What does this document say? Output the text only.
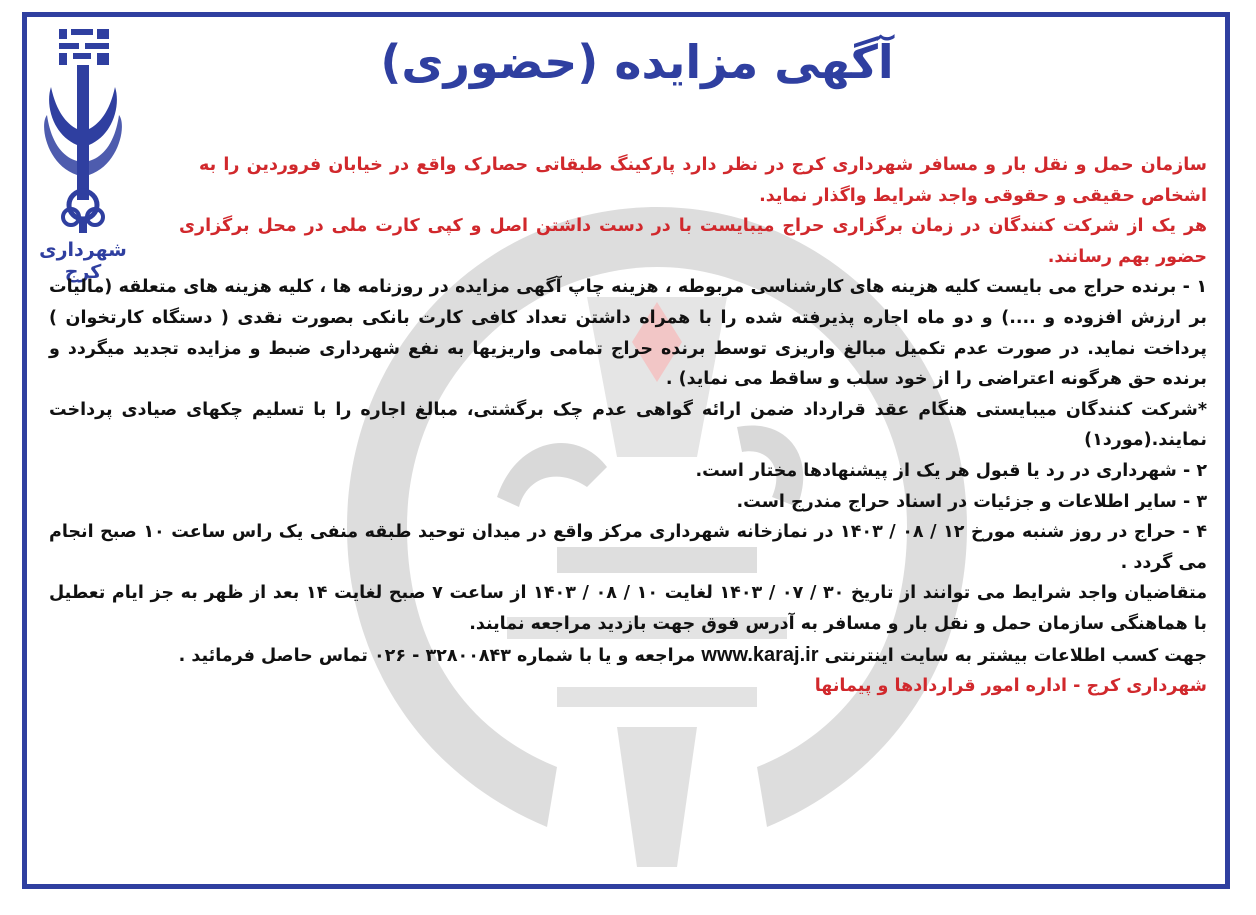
شهرداری کرج
آگهی مزایده (حضوری)

سازمان حمل و نقل بار و مسافر شهرداری کرج در نظر دارد پارکینگ طبقاتی حصارک واقع در خیابان فروردین را به اشخاص حقیقی و حقوقی واجد شرایط واگذار نماید.

هر یک از شرکت کنندگان در زمان برگزاری حراج میبایست با در دست داشتن اصل و کپی کارت ملی در محل برگزاری حضور بهم رسانند.

۱ - برنده حراج می بایست کلیه هزینه های کارشناسی مربوطه ، هزینه چاپ آگهی مزایده در روزنامه ها ، کلیه هزینه های متعلقه (مالیات بر ارزش افزوده و ....) و دو ماه اجاره پذیرفته شده را با همراه داشتن تعداد کافی کارت بانکی بصورت نقدی ( دستگاه کارتخوان ) پرداخت نماید. در صورت عدم تکمیل مبالغ واریزی توسط برنده حراج تمامی واریزیها به نفع شهرداری ضبط و مزایده تجدید میگردد و برنده حق هرگونه اعتراضی را از خود سلب و ساقط می نماید) .

*شرکت کنندگان میبایستی هنگام عقد قرارداد ضمن ارائه گواهی عدم چک برگشتی، مبالغ اجاره را با تسلیم چکهای صیادی پرداخت نمایند.(مورد۱)

۲ - شهرداری در رد یا قبول هر یک از پیشنهادها مختار است.

۳ - سایر اطلاعات و جزئیات در اسناد حراج مندرج است.

۴ - حراج در روز شنبه مورخ ۱۲ / ۰۸ / ۱۴۰۳ در نمازخانه شهرداری مرکز واقع در میدان توحید طبقه منفی یک راس ساعت ۱۰ صبح انجام می گردد .

متقاضیان واجد شرایط می توانند از تاریخ ۳۰ / ۰۷ / ۱۴۰۳ لغایت ۱۰ / ۰۸ / ۱۴۰۳ از ساعت ۷ صبح لغایت ۱۴ بعد از ظهر به جز ایام تعطیل با هماهنگی سازمان حمل و نقل بار و مسافر به آدرس فوق جهت بازدید مراجعه نمایند.

جهت کسب اطلاعات بیشتر به سایت اینترنتی www.karaj.ir مراجعه و یا با شماره ۳۲۸۰۰۸۴۳ - ۰۲۶ تماس حاصل فرمائید .

شهرداری کرج - اداره امور قراردادها و پیمانها
